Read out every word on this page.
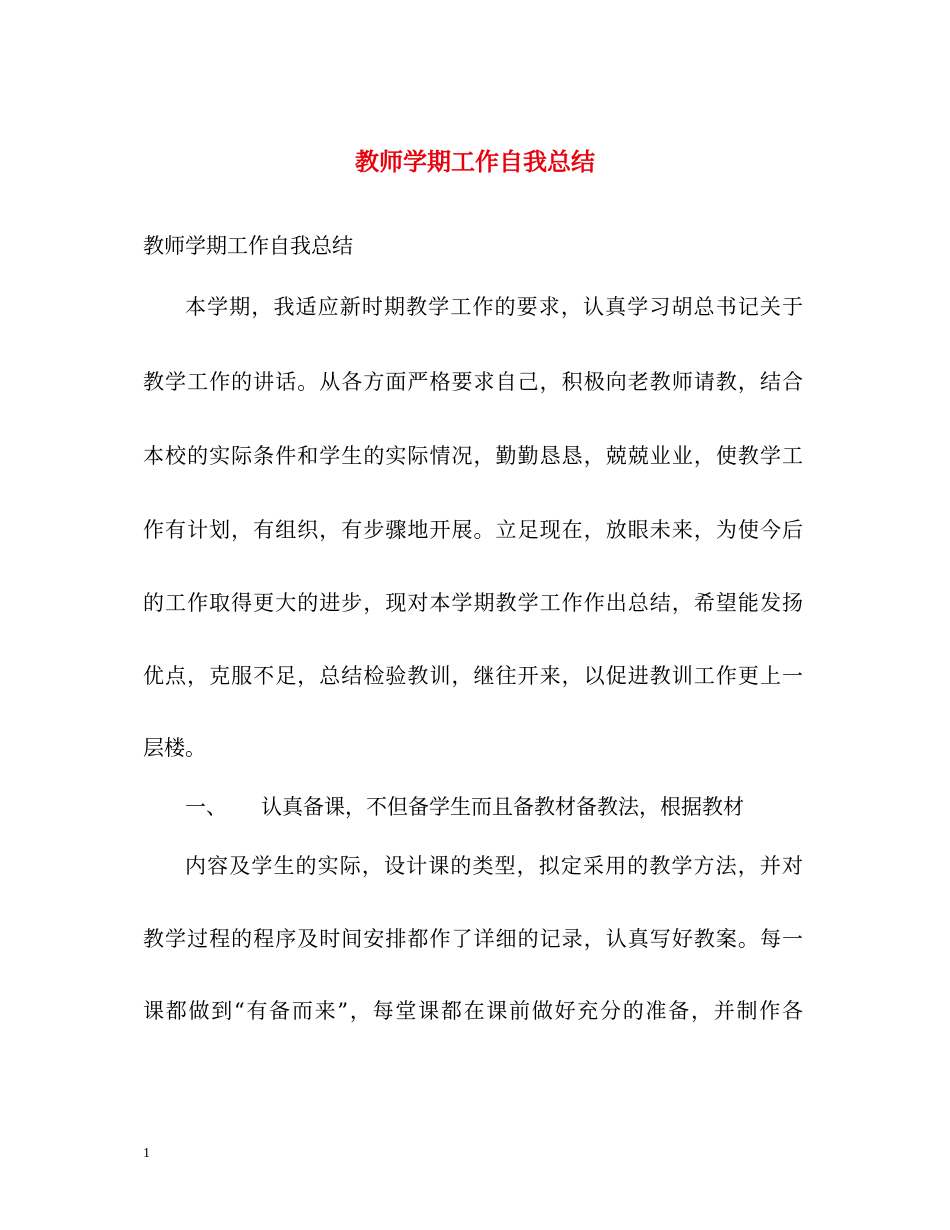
教师学期工作自我总结
教师学期工作自我总结
本学期，我适应新时期教学工作的要求，认真学习胡总书记关于
教学工作的讲话。从各方面严格要求自己，积极向老教师请教，结合
本校的实际条件和学生的实际情况，勤勤恳恳，兢兢业业，使教学工
作有计划，有组织，有步骤地开展。立足现在，放眼未来，为使今后
的工作取得更大的进步，现对本学期教学工作作出总结，希望能发扬
优点，克服不足，总结检验教训，继往开来，以促进教训工作更上一
层楼。
一、 认真备课，不但备学生而且备教材备教法，根据教材
内容及学生的实际，设计课的类型，拟定采用的教学方法，并对
教学过程的程序及时间安排都作了详细的记录，认真写好教案。每一
课都做到“有备而来”，每堂课都在课前做好充分的准备，并制作各
1
